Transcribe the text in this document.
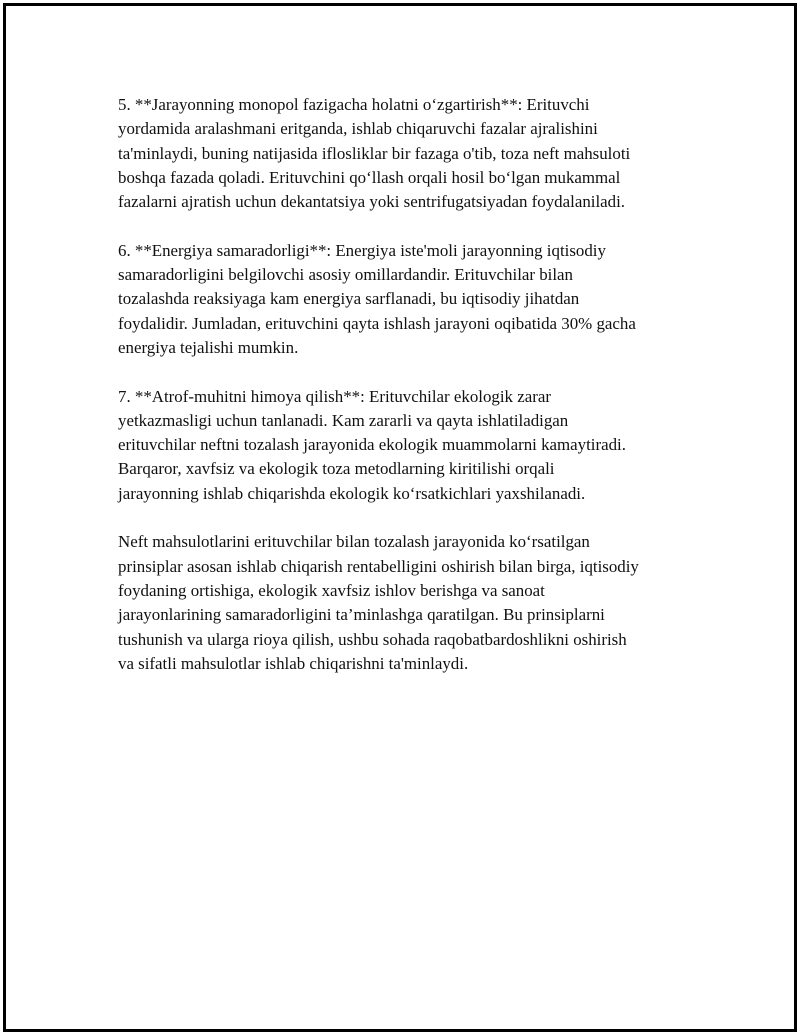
5. **Jarayonning monopol fazigacha holatni o‘zgartirish**: Erituvchi
yordamida aralashmani eritganda, ishlab chiqaruvchi fazalar ajralishini
ta'minlaydi, buning natijasida iflosliklar bir fazaga o'tib, toza neft mahsuloti
boshqa fazada qoladi. Erituvchini qo‘llash orqali hosil bo‘lgan mukammal
fazalarni ajratish uchun dekantatsiya yoki sentrifugatsiyadan foydalaniladi.

6. **Energiya samaradorligi**: Energiya iste'moli jarayonning iqtisodiy
samaradorligini belgilovchi asosiy omillardandir. Erituvchilar bilan
tozalashda reaksiyaga kam energiya sarflanadi, bu iqtisodiy jihatdan
foydalidir. Jumladan, erituvchini qayta ishlash jarayoni oqibatida 30% gacha
energiya tejalishi mumkin.

7. **Atrof-muhitni himoya qilish**: Erituvchilar ekologik zarar
yetkazmasligi uchun tanlanadi. Kam zararli va qayta ishlatiladigan
erituvchilar neftni tozalash jarayonida ekologik muammolarni kamaytiradi.
Barqaror, xavfsiz va ekologik toza metodlarning kiritilishi orqali
jarayonning ishlab chiqarishda ekologik ko‘rsatkichlari yaxshilanadi.

Neft mahsulotlarini erituvchilar bilan tozalash jarayonida ko‘rsatilgan
prinsiplar asosan ishlab chiqarish rentabelligini oshirish bilan birga, iqtisodiy
foydaning ortishiga, ekologik xavfsiz ishlov berishga va sanoat
jarayonlarining samaradorligini ta’minlashga qaratilgan. Bu prinsiplarni
tushunish va ularga rioya qilish, ushbu sohada raqobatbardoshlikni oshirish
va sifatli mahsulotlar ishlab chiqarishni ta'minlaydi.
